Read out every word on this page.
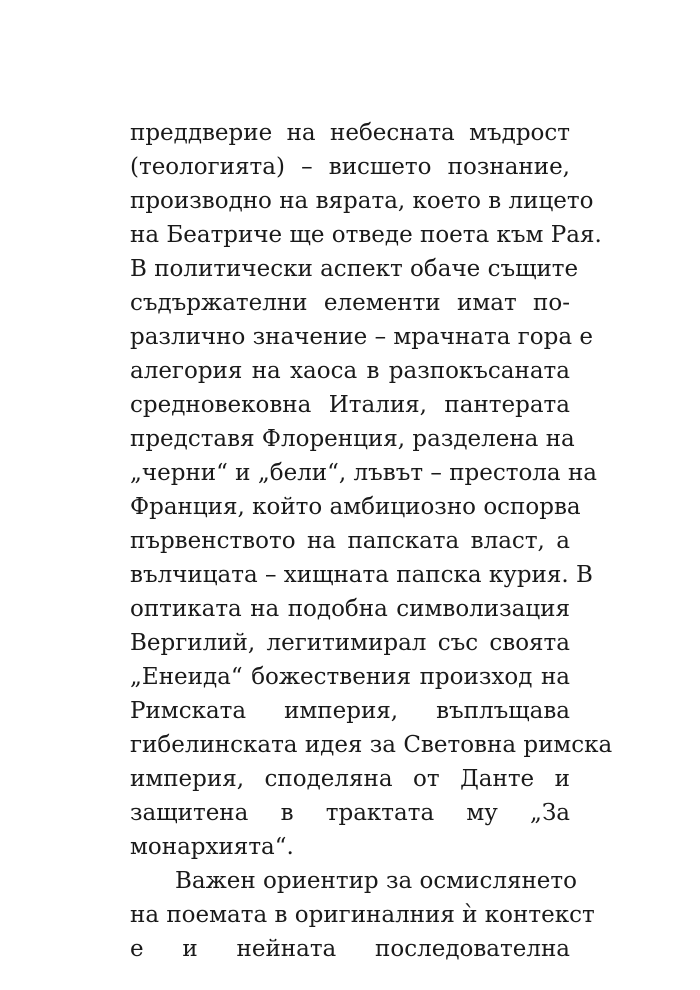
преддверие на небесната мъдрост
(теологията) – висшето познание,
производно на вярата, което в лицето
на Беатриче ще отведе поета към Рая.
В политически аспект обаче същите
съдържателни елементи имат по-
различно значение – мрачната гора е
алегория на хаоса в разпокъсаната
средновековна Италия, пантерата
представя Флоренция, разделена на
„черни“ и „бели“, лъвът – престола на
Франция, който амбициозно оспорва
първенството на папската власт, а
вълчицата – хищната папска курия. В
оптиката на подобна символизация
Вергилий, легитимирал със своята
„Енеида“ божествения произход на
Римската империя, въплъщава
гибелинската идея за Световна римска
империя, споделяна от Данте и
защитена в трактата му „За
монархията“.
Важен ориентир за осмислянето
на поемата в оригиналния ѝ контекст
е и нейната последователна
